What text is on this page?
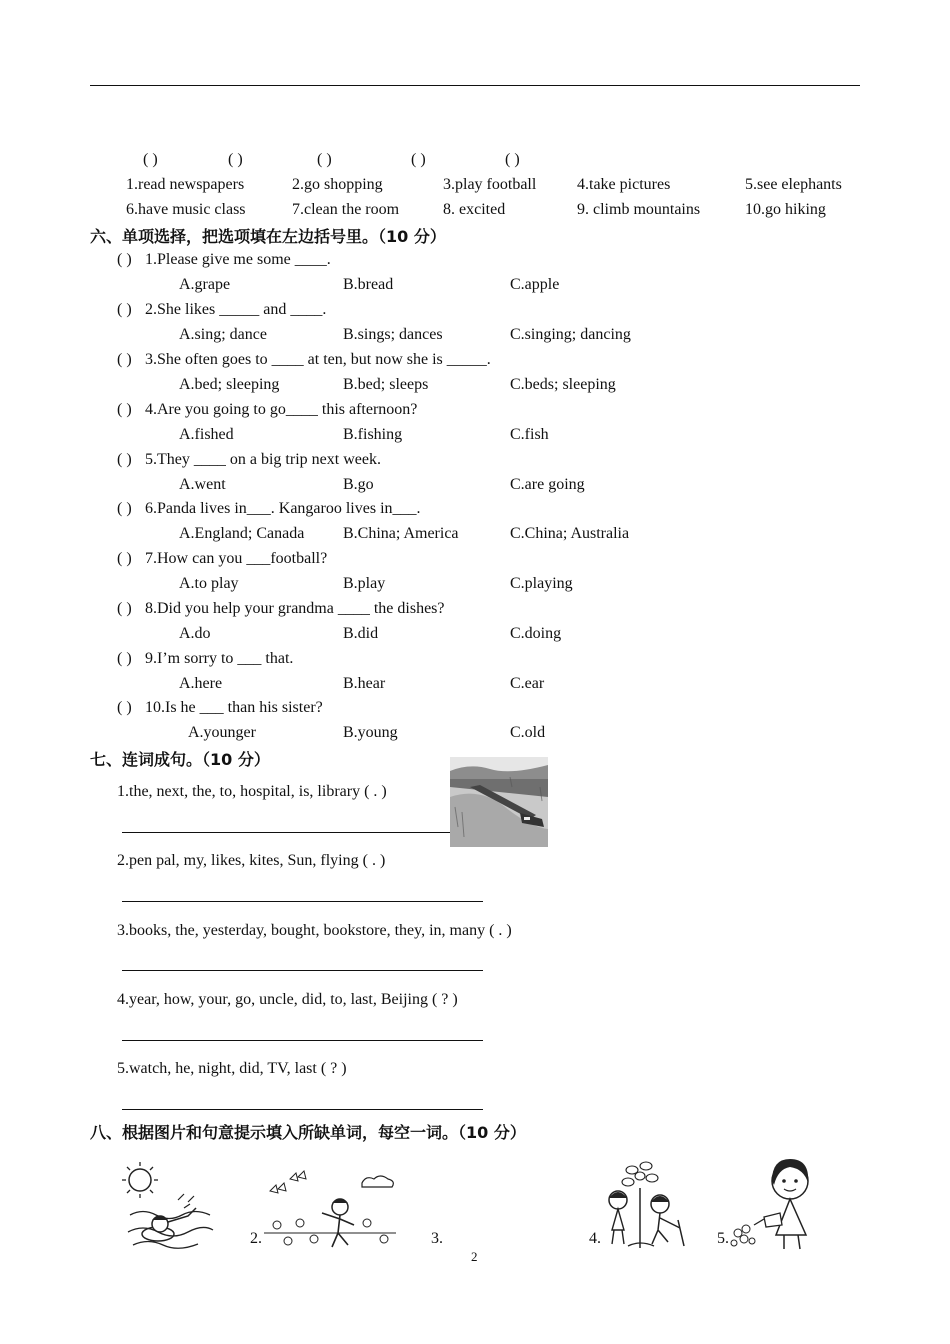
( )	( )	( )	( )	( )
1.read newspapers	2.go shopping	3.play football	4.take pictures	5.see elephants
6.have music class	7.clean the room	8. excited	9. climb mountains	10.go hiking
六、单项选择，把选项填在左边括号里。（10 分）
( ) 1.Please give me some ____.
A.grape	B.bread	C.apple
( ) 2.She likes _____ and ____.
A.sing; dance	B.sings; dances	C.singing; dancing
( ) 3.She often goes to ____ at ten, but now she is _____.
A.bed; sleeping	B.bed; sleeps	C.beds; sleeping
( ) 4.Are you going to go____ this afternoon?
A.fished	B.fishing	C.fish
( ) 5.They ____ on a big trip next week.
A.went	B.go	C.are going
( ) 6.Panda lives in___. Kangaroo lives in___.
A.England; Canada B.China; America	C.China; Australia
( ) 7.How can you ___football?
A.to play	B.play	C.playing
( ) 8.Did you help your grandma ____ the dishes?
A.do	B.did	C.doing
( ) 9.I’m sorry to ___ that.
A.here	B.hear	C.ear
( ) 10.Is he ___ than his sister?
A.younger	B.young	C.old
七、连词成句。（10 分）
1.the, next, the, to, hospital, is, library ( . )
2.pen pal, my, likes, kites, Sun, flying ( . )
3.books, the, yesterday, bought, bookstore, they, in, many ( . )
4.year, how, your, go, uncle, did, to, last, Beijing ( ? )
5.watch, he, night, did, TV, last ( ? )
八、根据图片和句意提示填入所缺单词，每空一词。（10 分）
2.	3.	4.	5.
2
